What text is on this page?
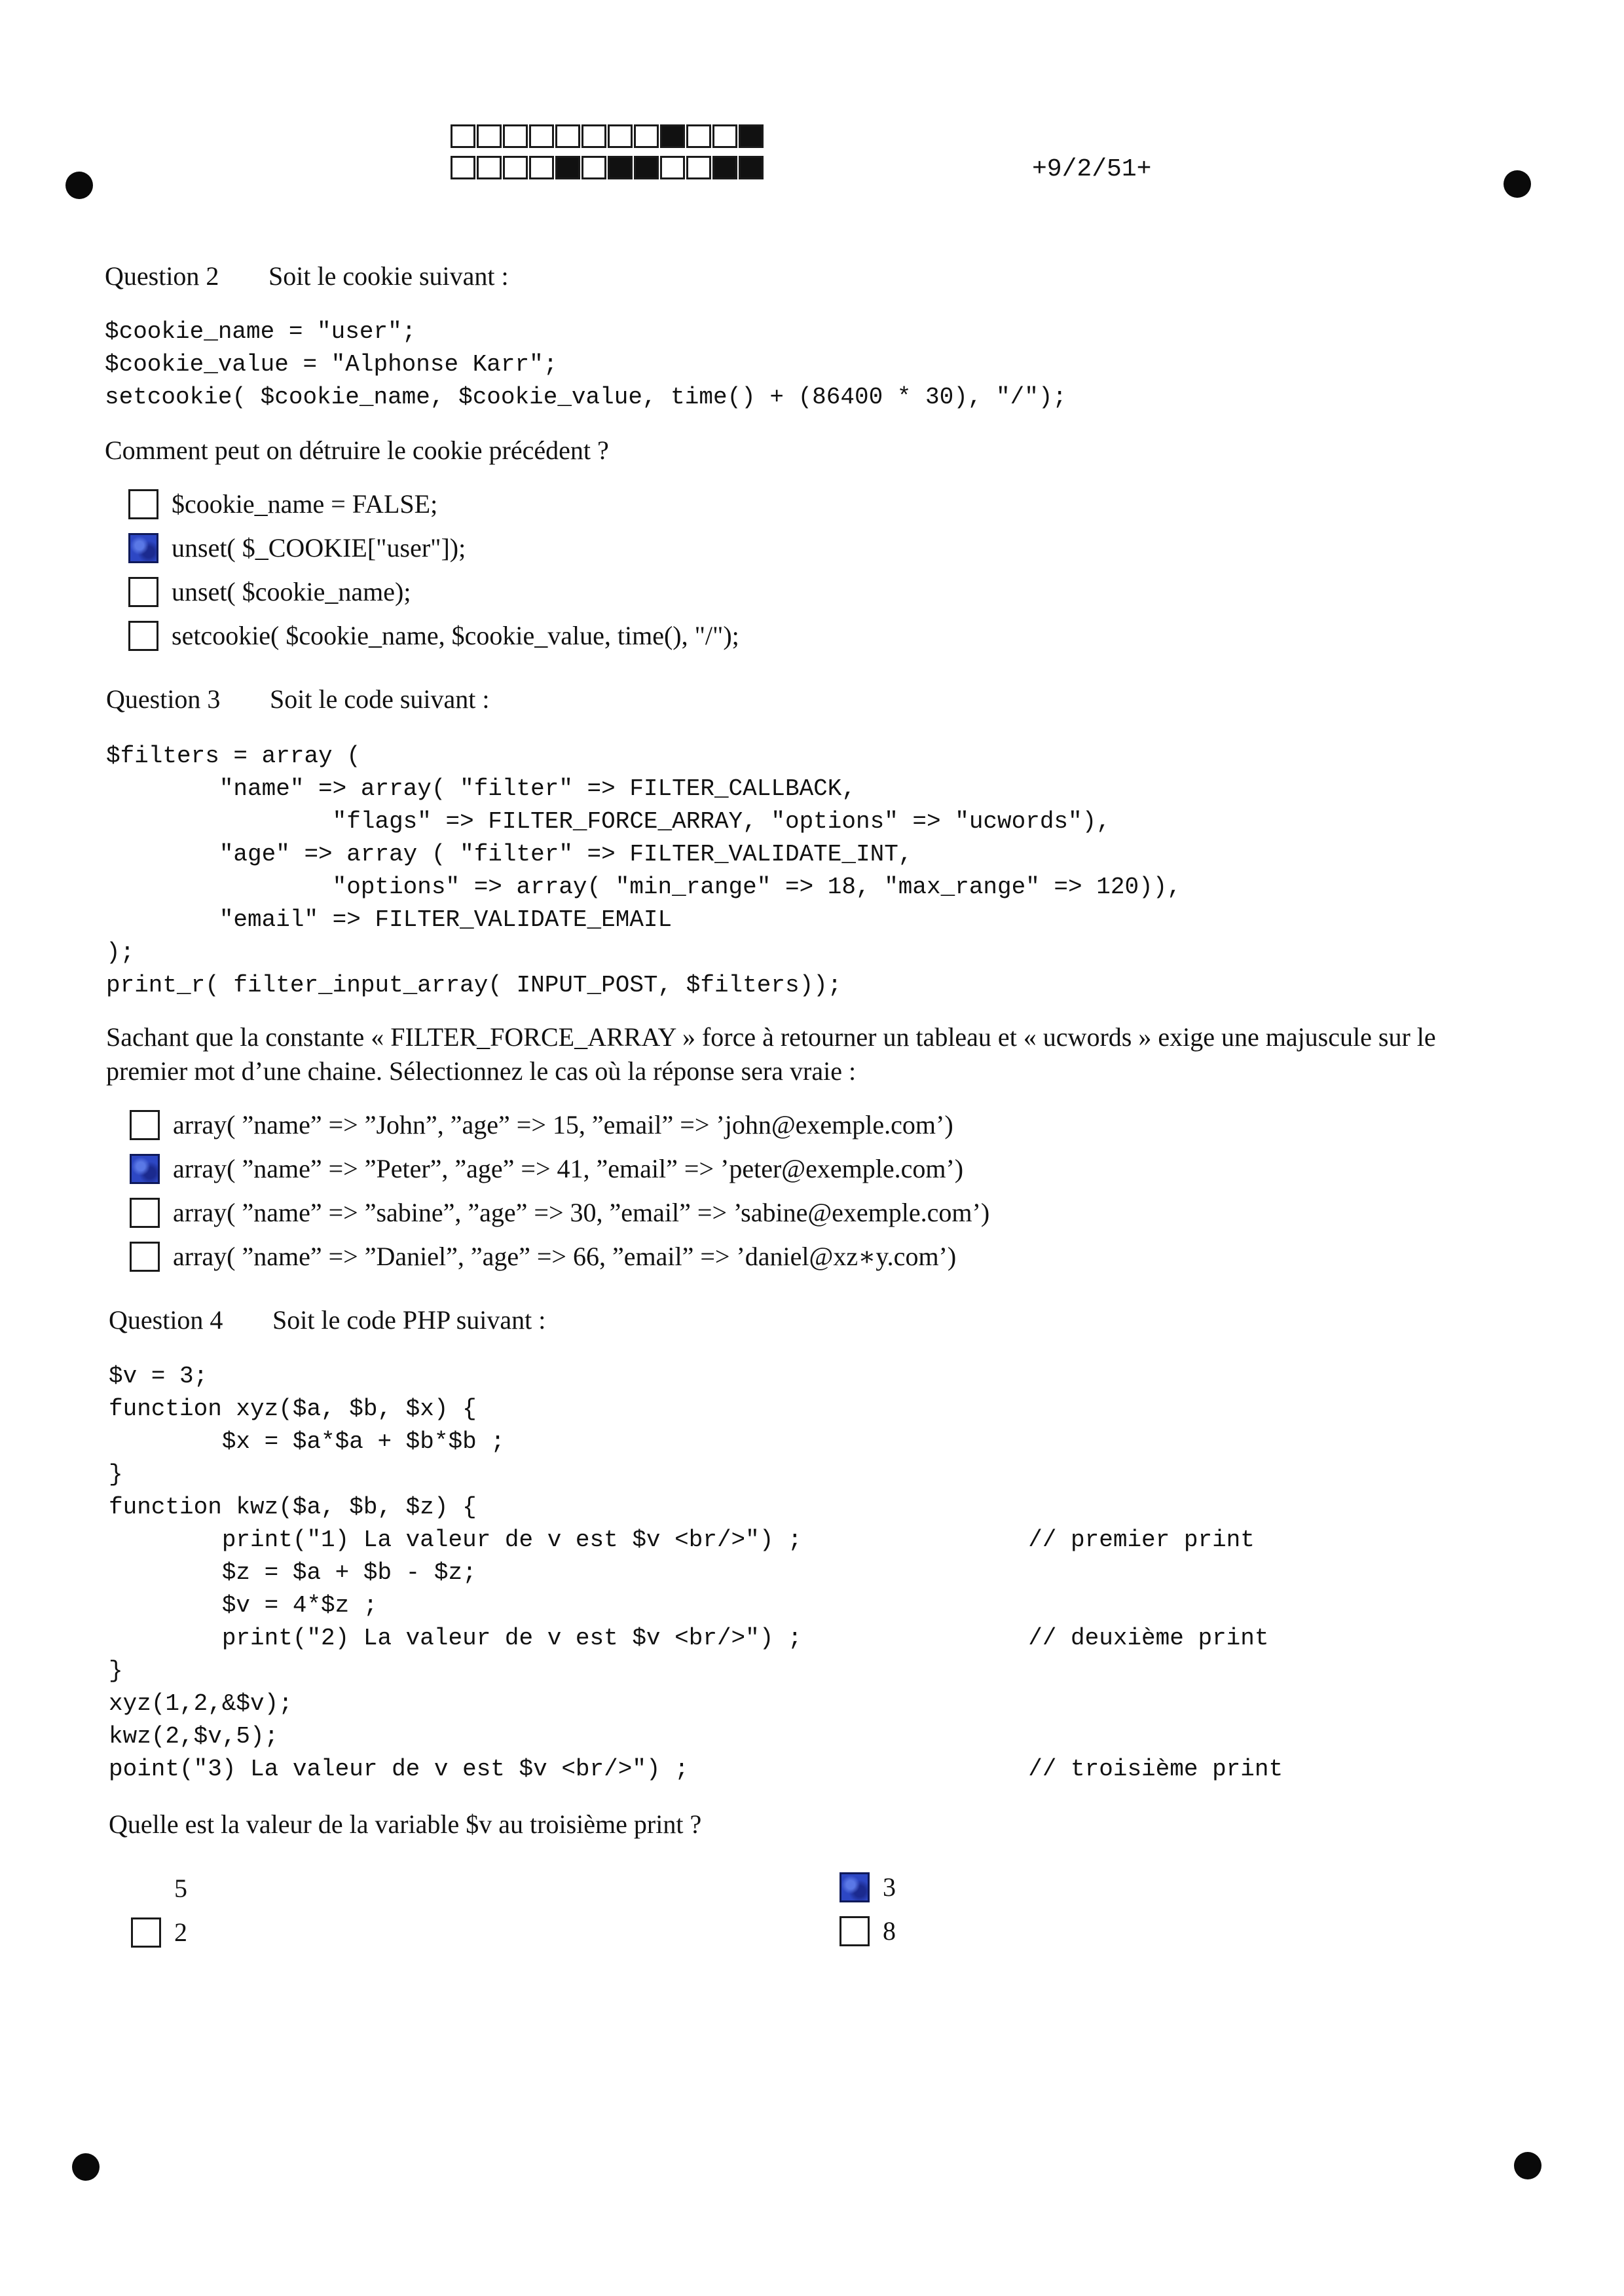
+9/2/51+
Question 2 Soit le cookie suivant :
$cookie_name = "user";
$cookie_value = "Alphonse Karr";
setcookie( $cookie_name, $cookie_value, time() + (86400 * 30), "/");
Comment peut on détruire le cookie précédent ?
$cookie_name = FALSE;
unset( $_COOKIE["user"]);
unset( $cookie_name);
setcookie( $cookie_name, $cookie_value, time(), "/");
Question 3 Soit le code suivant :
$filters = array (
"name" => array( "filter" => FILTER_CALLBACK,
"flags" => FILTER_FORCE_ARRAY, "options" => "ucwords"),
"age" => array ( "filter" => FILTER_VALIDATE_INT,
"options" => array( "min_range" => 18, "max_range" => 120)),
"email" => FILTER_VALIDATE_EMAIL
);
print_r( filter_input_array( INPUT_POST, $filters));
Sachant que la constante « FILTER_FORCE_ARRAY » force à retourner un tableau et « ucwords » exige une majuscule sur le premier mot d’une chaine. Sélectionnez le cas où la réponse sera vraie :
array( ”name” => ”John”, ”age” => 15, ”email” => ’john@exemple.com’)
array( ”name” => ”Peter”, ”age” => 41, ”email” => ’peter@exemple.com’)
array( ”name” => ”sabine”, ”age” => 30, ”email” => ’sabine@exemple.com’)
array( ”name” => ”Daniel”, ”age” => 66, ”email” => ’daniel@xz∗y.com’)
Question 4 Soit le code PHP suivant :
$v = 3;
function xyz($a, $b, $x) {
$x = $a*$a + $b*$b ;
}
function kwz($a, $b, $z) {
print("1) La valeur de v est $v <br/>") ;                // premier print
$z = $a + $b - $z;
$v = 4*$z ;
print("2) La valeur de v est $v <br/>") ;                // deuxième print
}
xyz(1,2,&$v);
kwz(2,$v,5);
point("3) La valeur de v est $v <br/>") ;                        // troisième print
Quelle est la valeur de la variable $v au troisième print ?
5	3
2	8
